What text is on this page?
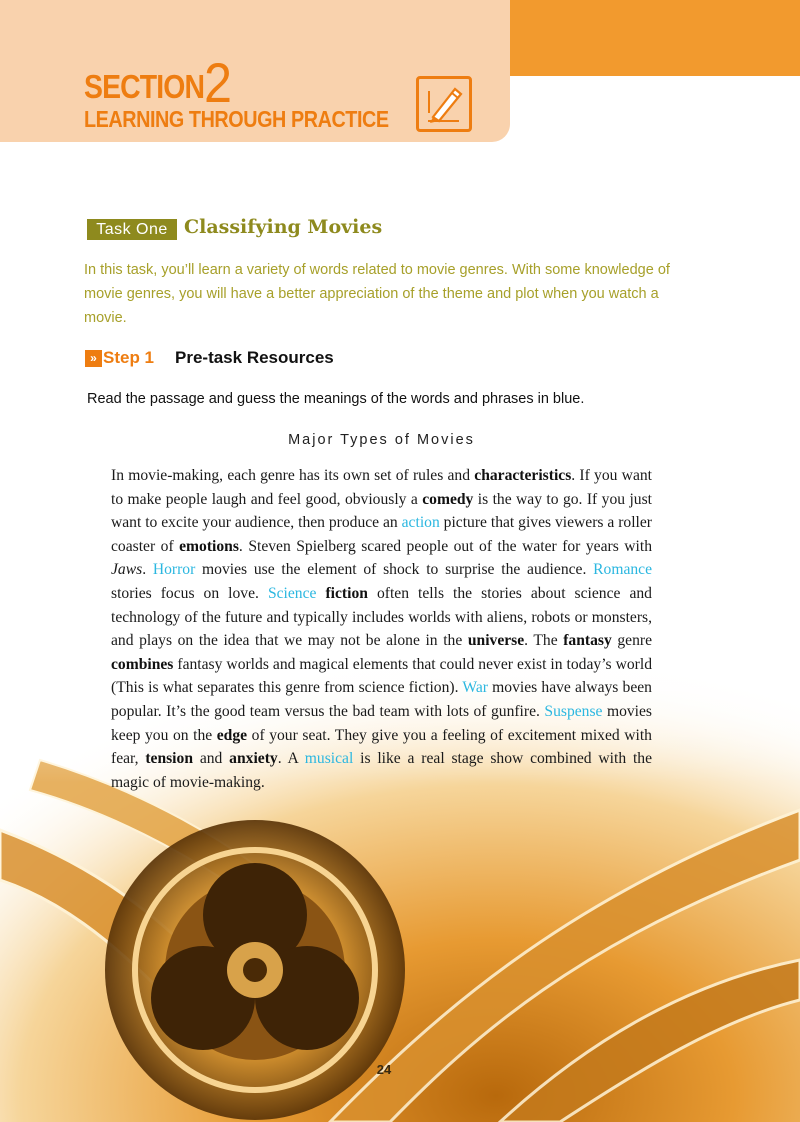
SECTION 2
LEARNING THROUGH PRACTICE
Task One Classifying Movies
In this task, you’ll learn a variety of words related to movie genres. With some knowledge of movie genres, you will have a better appreciation of the theme and plot when you watch a movie.
» Step 1 Pre-task Resources
Read the passage and guess the meanings of the words and phrases in blue.
Major Types of Movies

In movie-making, each genre has its own set of rules and characteristics. If you want to make people laugh and feel good, obviously a comedy is the way to go. If you just want to excite your audience, then produce an action picture that gives viewers a roller coaster of emotions. Steven Spielberg scared people out of the water for years with Jaws. Horror movies use the element of shock to surprise the audience. Romance stories focus on love. Science fiction often tells the stories about science and technology of the future and typically includes worlds with aliens, robots or monsters, and plays on the idea that we may not be alone in the universe. The fantasy genre combines fantasy worlds and magical elements that could never exist in today’s world (This is what separates this genre from science fiction). War movies have always been popular. It’s the good team versus the bad team with lots of gunfire. Suspense movies keep you on the edge of your seat. They give you a feeling of excitement mixed with fear, tension and anxiety. A musical is like a real stage show combined with the magic of movie-making.

24
